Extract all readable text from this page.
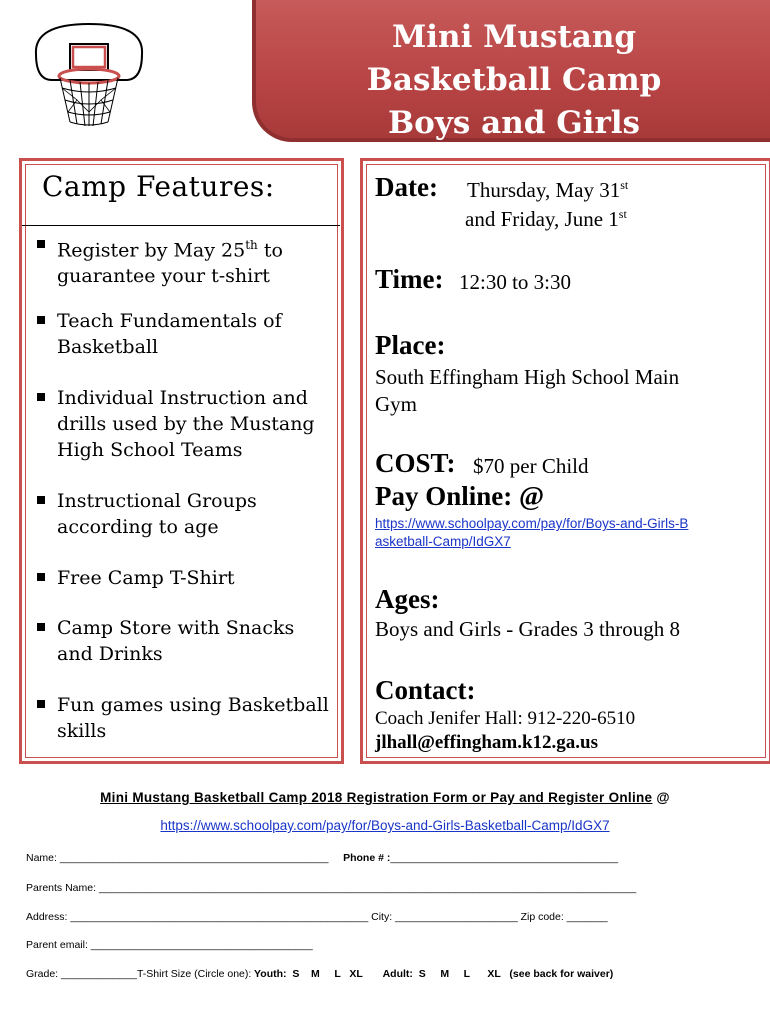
Mini Mustang
Basketball Camp
Boys and Girls
Camp Features:
Register by May 25th to guarantee your t-shirt
Teach Fundamentals of Basketball
Individual Instruction and drills used by the Mustang High School Teams
Instructional Groups according to age
Free Camp T-Shirt
Camp Store with Snacks and Drinks
Fun games using Basketball skills
Date: Thursday, May 31st
and Friday, June 1st
Time: 12:30 to 3:30
Place:
South Effingham High School Main Gym
COST: $70 per Child
Pay Online: @
https://www.schoolpay.com/pay/for/Boys-and-Girls-Basketball-Camp/IdGX7
Ages:
Boys and Girls - Grades 3 through 8
Contact:
Coach Jenifer Hall: 912-220-6510
jlhall@effingham.k12.ga.us
Mini Mustang Basketball Camp 2018 Registration Form or Pay and Register Online @
https://www.schoolpay.com/pay/for/Boys-and-Girls-Basketball-Camp/IdGX7
Name: ______________________________________________ Phone # :_______________________________________
Parents Name: ____________________________________________________________________________________________
Address: ___________________________________________________ City: _____________________ Zip code: _______
Parent email: ______________________________________
Grade: _____________T-Shirt Size (Circle one): Youth:  S    M     L   XL       Adult:  S     M     L      XL   (see back for waiver)
